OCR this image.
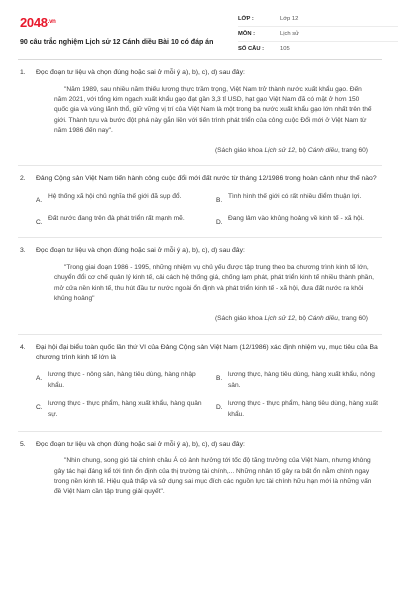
$2048^{.vn}$
90 câu trắc nghiệm Lịch sử 12 Cánh diều Bài 10 có đáp án
LỚP :	Lớp 12
MÔN :	Lịch sử
SỐ CÂU :	105
1. Đọc đoạn tư liệu và chọn đúng hoặc sai ở mỗi ý a), b), c), d) sau đây:
"Năm 1989, sau nhiều năm thiếu lương thực trầm trọng, Việt Nam trở thành nước xuất khẩu gạo. Đến năm 2021, với tổng kim ngạch xuất khẩu gạo đạt gần 3,3 tỉ USD, hạt gạo Việt Nam đã có mặt ở hơn 150 quốc gia và vùng lãnh thổ, giữ vững vị trí của Việt Nam là một trong ba nước xuất khẩu gạo lớn nhất trên thế giới. Thành tựu và bước đột phá này gắn liền với tiến trình phát triển của công cuộc Đổi mới ở Việt Nam từ năm 1986 đến nay".
(Sách giáo khoa Lịch sử 12, bộ Cánh diều, trang 60)
2. Đảng Cộng sản Việt Nam tiến hành công cuộc đổi mới đất nước từ tháng 12/1986 trong hoàn cảnh như thế nào?
A.
Hệ thống xã hội chủ nghĩa thế giới đã sụp đổ.
B.
Tình hình thế giới có rất nhiều điểm thuận lợi.
C.
Đất nước đang trên đà phát triển rất mạnh mẽ.
D.
Đang lâm vào khủng hoảng về kinh tế - xã hội.
3. Đọc đoạn tư liệu và chọn đúng hoặc sai ở mỗi ý a), b), c), d) sau đây:
"Trong giai đoạn 1986 - 1995, những nhiệm vụ chủ yếu được tập trung theo ba chương trình kinh tế lớn, chuyển đổi cơ chế quản lý kinh tế, cải cách hệ thống giá, chống lạm phát, phát triển kinh tế nhiều thành phần, mở cửa nền kinh tế, thu hút đầu tư nước ngoài ổn định và phát triển kinh tế - xã hội, đưa đất nước ra khỏi khủng hoảng"
(Sách giáo khoa Lịch sử 12, bộ Cánh diều, trang 60)
4. Đại hội đại biểu toàn quốc lần thứ VI của Đảng Cộng sản Việt Nam (12/1986) xác định nhiệm vụ, mục tiêu của Ba chương trình kinh tế lớn là
A.
lương thực - nông sản, hàng tiêu dùng, hàng nhập khẩu.
B.
lương thực, hàng tiêu dùng, hàng xuất khẩu, nông sản.
C.
lương thực - thực phẩm, hàng xuất khẩu, hàng quân sự.
D.
lương thực - thực phẩm, hàng tiêu dùng, hàng xuất khẩu.
5. Đọc đoạn tư liệu và chọn đúng hoặc sai ở mỗi ý a), b), c), d) sau đây:
"Nhìn chung, song gió tài chính châu Á có ảnh hưởng tới tốc độ tăng trưởng của Việt Nam, nhưng không gây tác hại đáng kể tới tình ổn định của thị trường tài chính,... Những nhân tố gây ra bất ổn nằm chính ngay trong nền kinh tế. Hiệu quả thấp và sử dụng sai mục đích các nguồn lực tài chính hữu hạn mới là những vấn đề Việt Nam cần tập trung giải quyết".
